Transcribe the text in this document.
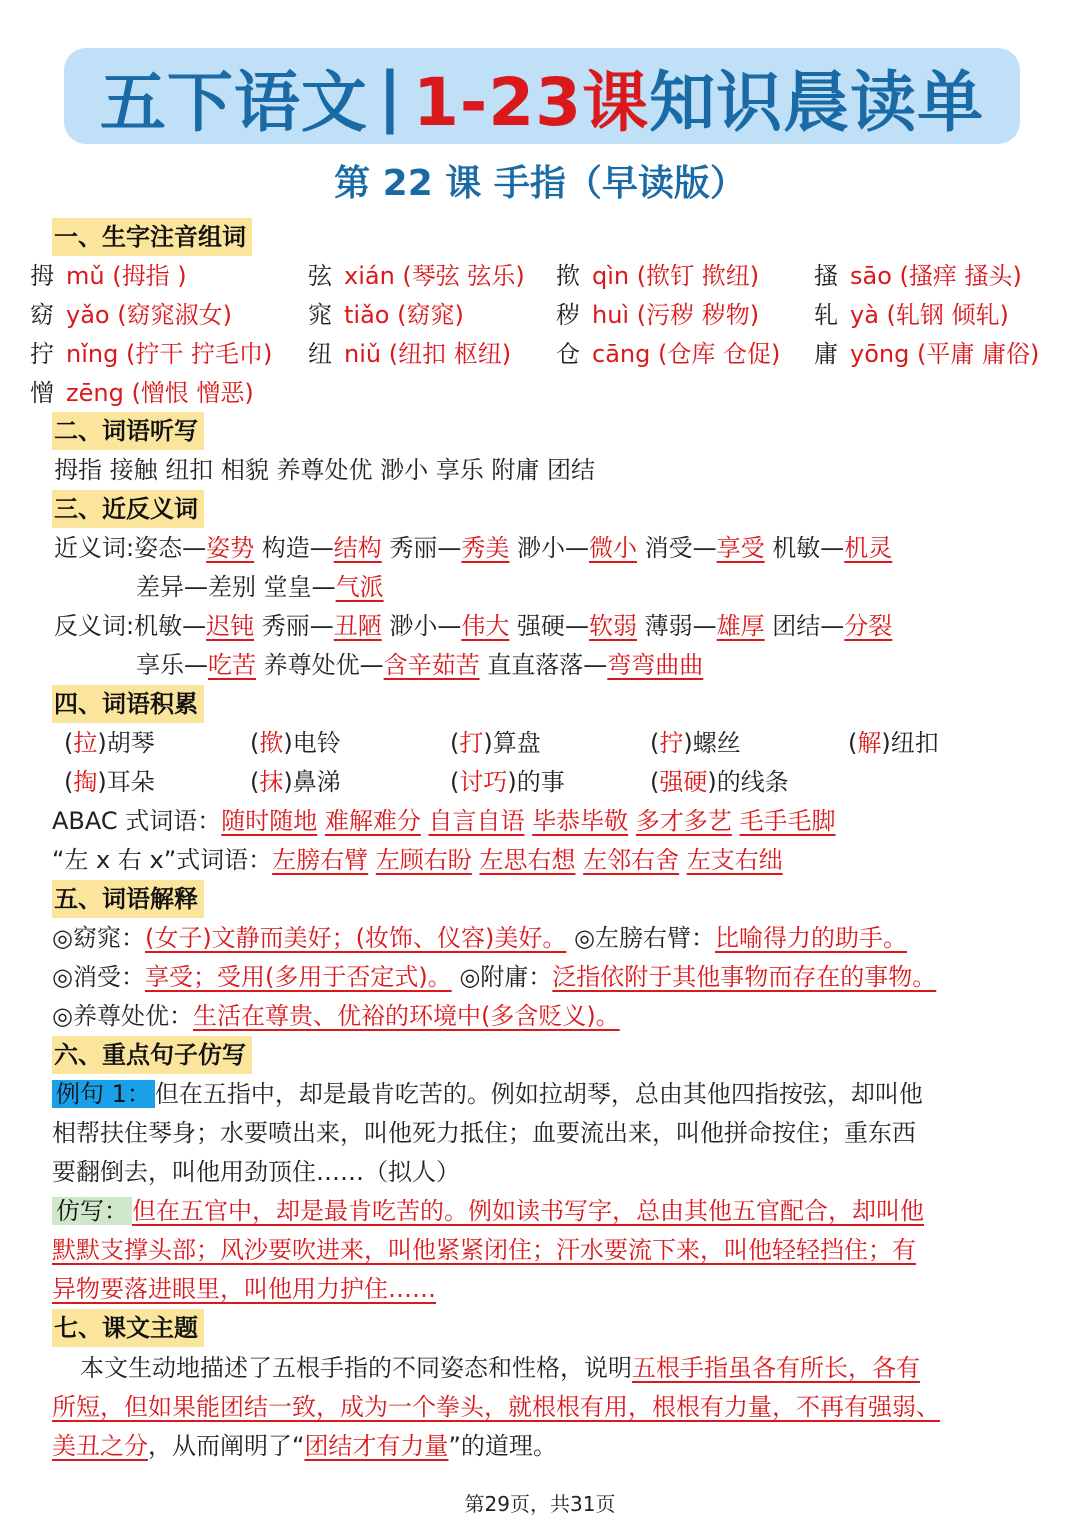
五下语文 | 1-23课 知识晨读单
第 22 课 手指（早读版）
一、生字注音组词
拇 mǔ (拇指 )	弦 xián (琴弦 弦乐) 揿 qìn (揿钉 揿纽) 搔 sāo (搔痒 搔头)
窈 yǎo (窈窕淑女)	窕 tiǎo (窈窕)	秽 huì (污秽 秽物) 轧 yà (轧钢 倾轧)
拧 nǐng (拧干 拧毛巾) 纽 niǔ (纽扣 枢纽) 仓 cāng (仓库 仓促) 庸 yōng (平庸 庸俗)
憎 zēng (憎恨 憎恶)
二、词语听写
拇指 接触 纽扣 相貌 养尊处优 渺小 享乐 附庸 团结
三、近反义词
近义词:姿态—姿势 构造—结构 秀丽—秀美 渺小—微小 消受—享受 机敏—机灵
差异—差别 堂皇—气派
反义词:机敏—迟钝 秀丽—丑陋 渺小—伟大 强硬—软弱 薄弱—雄厚 团结—分裂
享乐—吃苦 养尊处优—含辛茹苦 直直落落—弯弯曲曲
四、词语积累
(拉)胡琴	(揿)电铃	(打)算盘	(拧)螺丝	(解)纽扣
(掏)耳朵	(抹)鼻涕	(讨巧)的事	(强硬)的线条
ABAC 式词语：随时随地 难解难分 自言自语 毕恭毕敬 多才多艺 毛手毛脚
“左 x 右 x”式词语：左膀右臂 左顾右盼 左思右想 左邻右舍 左支右绌
五、词语解释
◎窈窕：(女子)文静而美好；(妆饰、仪容)美好。 ◎左膀右臂：比喻得力的助手。
◎消受：享受；受用(多用于否定式)。 ◎附庸：泛指依附于其他事物而存在的事物。
◎养尊处优：生活在尊贵、优裕的环境中(多含贬义)。
六、重点句子仿写
例句 1： 但在五指中，却是最肯吃苦的。例如拉胡琴，总由其他四指按弦，却叫他
相帮扶住琴身；水要喷出来，叫他死力抵住；血要流出来，叫他拼命按住；重东西
要翻倒去，叫他用劲顶住……（拟人）
仿写： 但在五官中，却是最肯吃苦的。例如读书写字，总由其他五官配合，却叫他
默默支撑头部；风沙要吹进来，叫他紧紧闭住；汗水要流下来，叫他轻轻挡住；有
异物要落进眼里，叫他用力护住……
七、课文主题
本文生动地描述了五根手指的不同姿态和性格，说明五根手指虽各有所长，各有
所短，但如果能团结一致，成为一个拳头，就根根有用，根根有力量，不再有强弱、
美丑之分，从而阐明了“团结才有力量”的道理。
第29页，共31页
